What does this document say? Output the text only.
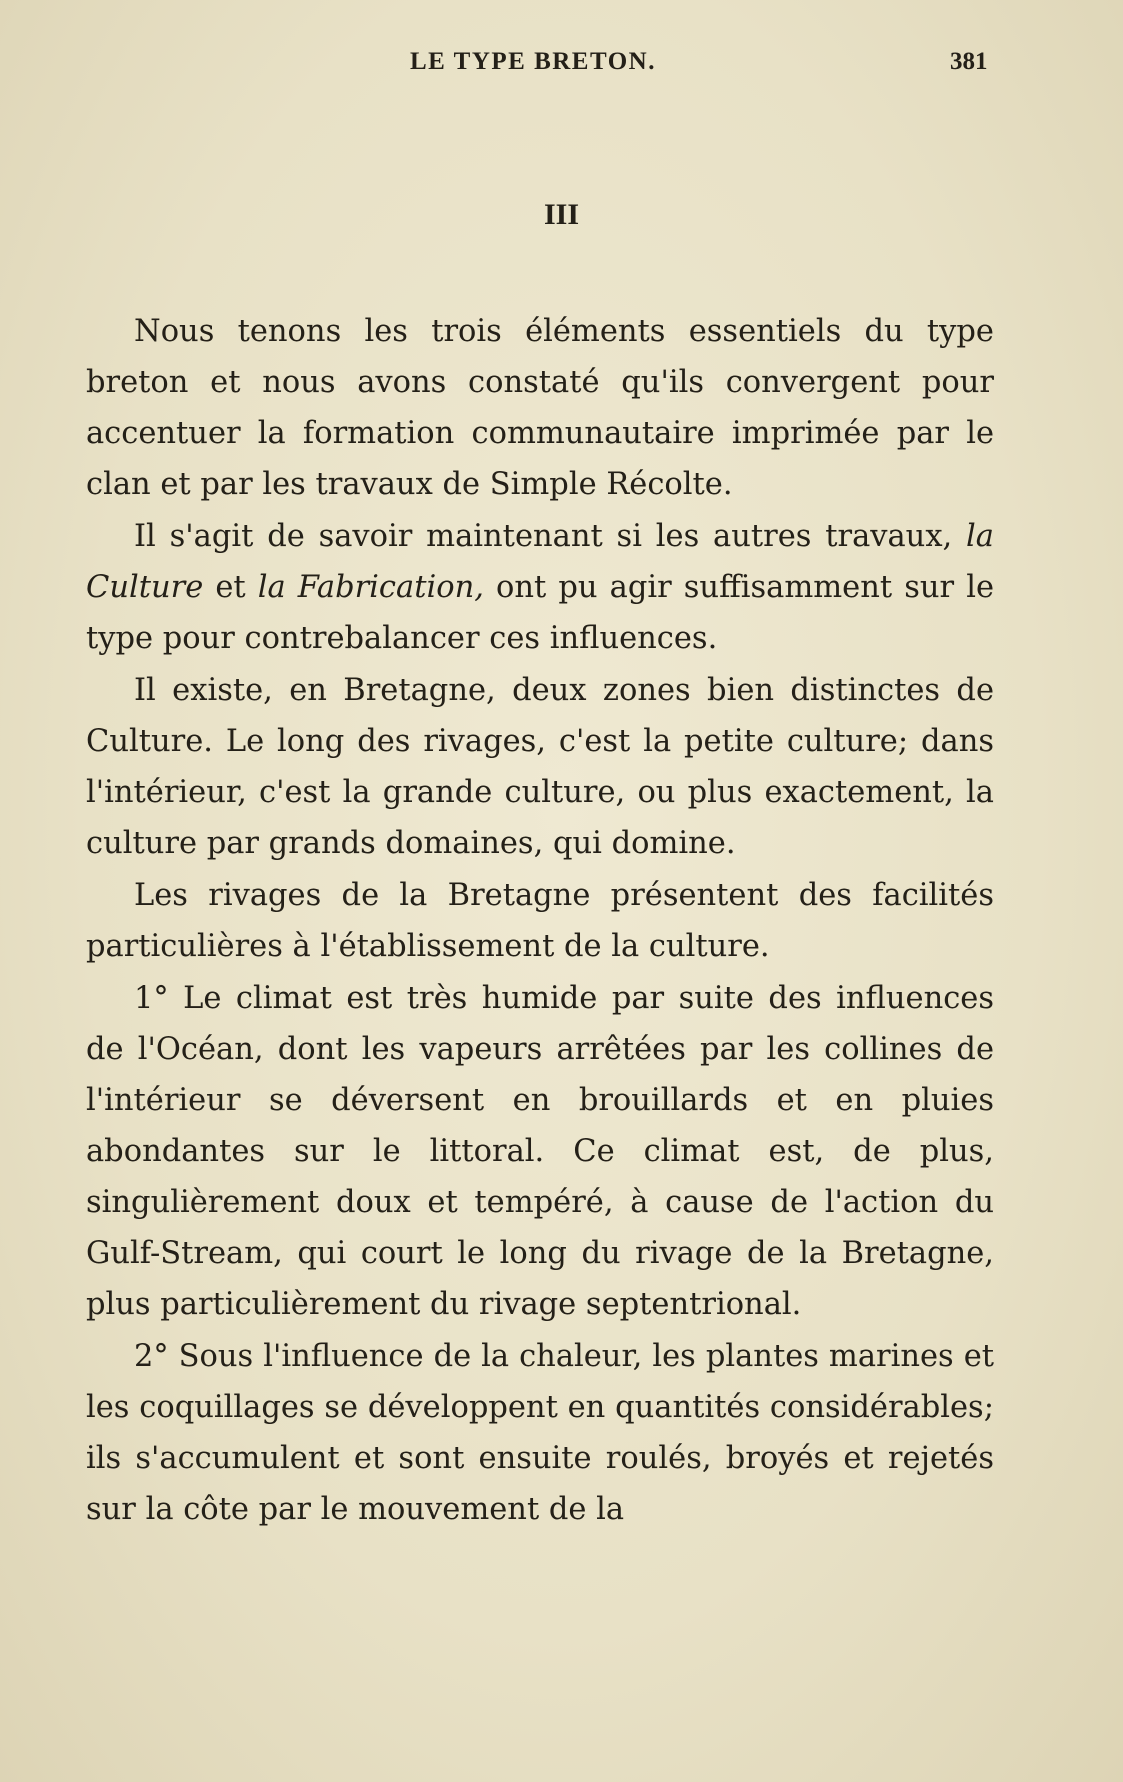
LE TYPE BRETON.	381
III

Nous tenons les trois éléments essentiels du type breton et nous avons constaté qu'ils convergent pour accentuer la formation communautaire imprimée par le clan et par les travaux de Simple Récolte.

Il s'agit de savoir maintenant si les autres travaux, la Culture et la Fabrication, ont pu agir suffisamment sur le type pour contrebalancer ces influences.

Il existe, en Bretagne, deux zones bien distinctes de Culture. Le long des rivages, c'est la petite culture; dans l'intérieur, c'est la grande culture, ou plus exactement, la culture par grands domaines, qui domine.

Les rivages de la Bretagne présentent des facilités particulières à l'établissement de la culture.

1° Le climat est très humide par suite des influences de l'Océan, dont les vapeurs arrêtées par les collines de l'intérieur se déversent en brouillards et en pluies abondantes sur le littoral. Ce climat est, de plus, singulièrement doux et tempéré, à cause de l'action du Gulf-Stream, qui court le long du rivage de la Bretagne, plus particulièrement du rivage septentrional.

2° Sous l'influence de la chaleur, les plantes marines et les coquillages se développent en quantités considérables; ils s'accumulent et sont ensuite roulés, broyés et rejetés sur la côte par le mouvement de la
